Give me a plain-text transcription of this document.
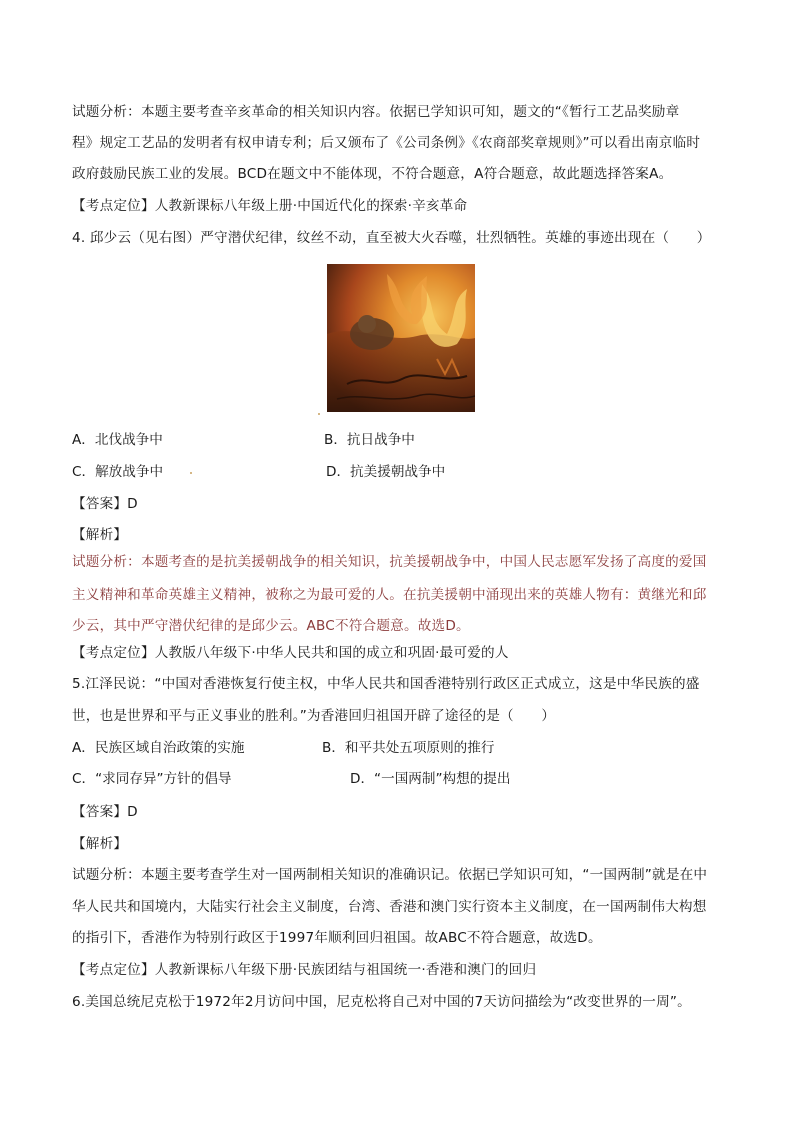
试题分析：本题主要考查辛亥革命的相关知识内容。依据已学知识可知，题文的“《暂行工艺品奖励章
程》规定工艺品的发明者有权申请专利；后又颁布了《公司条例》《农商部奖章规则》”可以看出南京临时
政府鼓励民族工业的发展。BCD在题文中不能体现，不符合题意，A符合题意，故此题选择答案A。
【考点定位】人教新课标八年级上册·中国近代化的探索·辛亥革命
4. 邱少云（见右图）严守潜伏纪律，纹丝不动，直至被大火吞噬，壮烈牺牲。英雄的事迹出现在（　　）
A．北伐战争中	B．抗日战争中
C．解放战争中	D．抗美援朝战争中
【答案】D
【解析】
试题分析：本题考查的是抗美援朝战争的相关知识，抗美援朝战争中，中国人民志愿军发扬了高度的爱国
主义精神和革命英雄主义精神，被称之为最可爱的人。在抗美援朝中涌现出来的英雄人物有：黄继光和邱
少云，其中严守潜伏纪律的是邱少云。ABC不符合题意。故选D。
【考点定位】人教版八年级下·中华人民共和国的成立和巩固·最可爱的人
5.江泽民说：“中国对香港恢复行使主权，中华人民共和国香港特别行政区正式成立，这是中华民族的盛
世，也是世界和平与正义事业的胜利。”为香港回归祖国开辟了途径的是（　　）
A．民族区域自治政策的实施	B．和平共处五项原则的推行
C．“求同存异”方针的倡导	D．“一国两制”构想的提出
【答案】D
【解析】
试题分析：本题主要考查学生对一国两制相关知识的准确识记。依据已学知识可知，“一国两制”就是在中
华人民共和国境内，大陆实行社会主义制度，台湾、香港和澳门实行资本主义制度，在一国两制伟大构想
的指引下，香港作为特别行政区于1997年顺利回归祖国。故ABC不符合题意，故选D。
【考点定位】人教新课标八年级下册·民族团结与祖国统一·香港和澳门的回归
6.美国总统尼克松于1972年2月访问中国，尼克松将自己对中国的7天访问描绘为“改变世界的一周”。
